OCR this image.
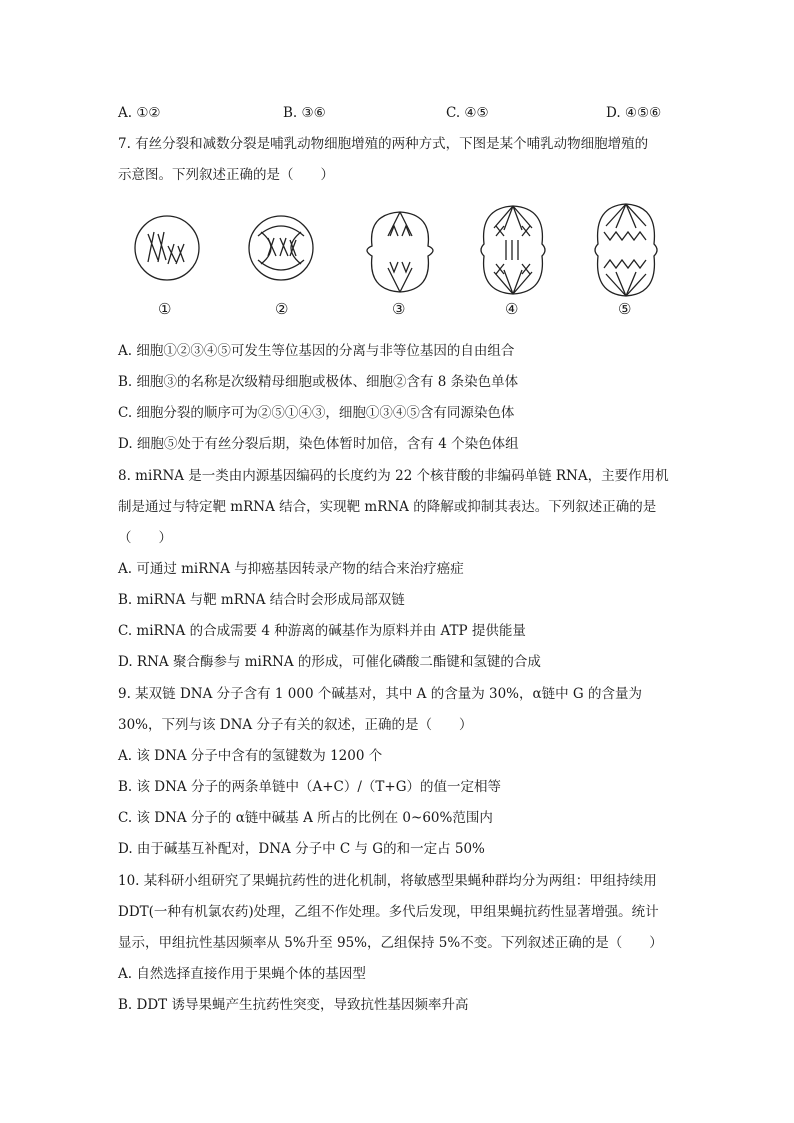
A. ①②	B. ③⑥	C. ④⑤	D. ④⑤⑥
7. 有丝分裂和减数分裂是哺乳动物细胞增殖的两种方式，下图是某个哺乳动物细胞增殖的
示意图。下列叙述正确的是（　　）
①	②	③	④	⑤
A. 细胞①②③④⑤可发生等位基因的分离与非等位基因的自由组合
B. 细胞③的名称是次级精母细胞或极体、细胞②含有 8 条染色单体
C. 细胞分裂的顺序可为②⑤①④③，细胞①③④⑤含有同源染色体
D. 细胞⑤处于有丝分裂后期，染色体暂时加倍，含有 4 个染色体组
8. miRNA 是一类由内源基因编码的长度约为 22 个核苷酸的非编码单链 RNA，主要作用机
制是通过与特定靶 mRNA 结合，实现靶 mRNA 的降解或抑制其表达。下列叙述正确的是
（　　）
A. 可通过 miRNA 与抑癌基因转录产物的结合来治疗癌症
B. miRNA 与靶 mRNA 结合时会形成局部双链
C. miRNA 的合成需要 4 种游离的碱基作为原料并由 ATP 提供能量
D. RNA 聚合酶参与 miRNA 的形成，可催化磷酸二酯键和氢键的合成
9. 某双链 DNA 分子含有 1 000 个碱基对，其中 A 的含量为 30%，α链中 G 的含量为
30%，下列与该 DNA 分子有关的叙述，正确的是（　　）
A. 该 DNA 分子中含有的氢键数为 1200 个
B. 该 DNA 分子的两条单链中（A+C）/（T+G）的值一定相等
C. 该 DNA 分子的 α链中碱基 A 所占的比例在 0~60%范围内
D. 由于碱基互补配对，DNA 分子中 C 与 G的和一定占 50%
10. 某科研小组研究了果蝇抗药性的进化机制，将敏感型果蝇种群均分为两组：甲组持续用
DDT(一种有机氯农药)处理，乙组不作处理。多代后发现，甲组果蝇抗药性显著增强。统计
显示，甲组抗性基因频率从 5%升至 95%，乙组保持 5%不变。下列叙述正确的是（　　）
A. 自然选择直接作用于果蝇个体的基因型
B. DDT 诱导果蝇产生抗药性突变，导致抗性基因频率升高
